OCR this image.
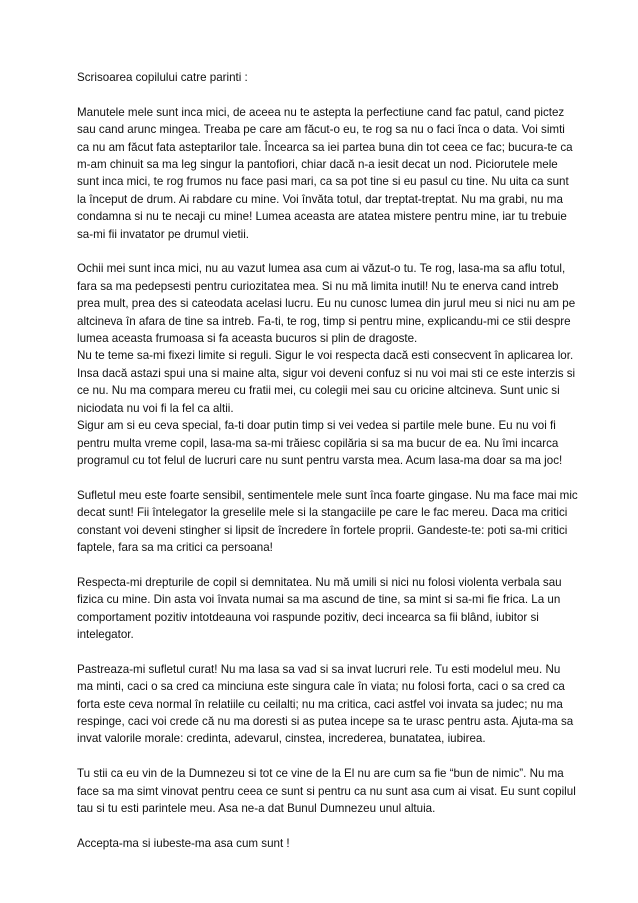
Scrisoarea copilului catre parinti :

Manutele mele sunt inca mici, de aceea nu te astepta la perfectiune cand fac patul, cand pictez sau cand arunc mingea. Treaba pe care am făcut-o eu, te rog sa nu o faci înca o data. Voi simti ca nu am făcut fata asteptarilor tale. Încearca sa iei partea buna din tot ceea ce fac; bucura-te ca m-am chinuit sa ma leg singur la pantofiori, chiar dacă n-a iesit decat un nod. Piciorutele mele sunt inca mici, te rog frumos nu face pasi mari, ca sa pot tine si eu pasul cu tine. Nu uita ca sunt la început de drum. Ai rabdare cu mine. Voi învăta totul, dar treptat-treptat. Nu ma grabi, nu ma condamna si nu te necaji cu mine! Lumea aceasta are atatea mistere pentru mine, iar tu trebuie sa-mi fii invatator pe drumul vietii.

Ochii mei sunt inca mici, nu au vazut lumea asa cum ai văzut-o tu. Te rog, lasa-ma sa aflu totul, fara sa ma pedepsesti pentru curiozitatea mea. Si nu mă limita inutil! Nu te enerva cand intreb prea mult, prea des si cateodata acelasi lucru. Eu nu cunosc lumea din jurul meu si nici nu am pe altcineva în afara de tine sa intreb. Fa-ti, te rog, timp si pentru mine, explicandu-mi ce stii despre lumea aceasta frumoasa si fa aceasta bucuros si plin de dragoste.

Nu te teme sa-mi fixezi limite si reguli. Sigur le voi respecta dacă esti consecvent în aplicarea lor. Insa dacă astazi spui una si maine alta, sigur voi deveni confuz si nu voi mai sti ce este interzis si ce nu. Nu ma compara mereu cu fratii mei, cu colegii mei sau cu oricine altcineva. Sunt unic si niciodata nu voi fi la fel ca altii.

Sigur am si eu ceva special, fa-ti doar putin timp si vei vedea si partile mele bune. Eu nu voi fi pentru multa vreme copil, lasa-ma sa-mi trăiesc copilăria si sa ma bucur de ea. Nu îmi incarca programul cu tot felul de lucruri care nu sunt pentru varsta mea. Acum lasa-ma doar sa ma joc!

Sufletul meu este foarte sensibil, sentimentele mele sunt înca foarte gingase. Nu ma face mai mic decat sunt! Fii întelegator la greselile mele si la stangaciile pe care le fac mereu. Daca ma critici constant voi deveni stingher si lipsit de încredere în fortele proprii. Gandeste-te: poti sa-mi critici faptele, fara sa ma critici ca persoana!

Respecta-mi drepturile de copil si demnitatea. Nu mă umili si nici nu folosi violenta verbala sau fizica cu mine. Din asta voi învata numai sa ma ascund de tine, sa mint si sa-mi fie frica. La un comportament pozitiv intotdeauna voi raspunde pozitiv, deci incearca sa fii blând, iubitor si intelegator.

Pastreaza-mi sufletul curat! Nu ma lasa sa vad si sa invat lucruri rele. Tu esti modelul meu. Nu ma minti, caci o sa cred ca minciuna este singura cale în viata; nu folosi forta, caci o sa cred ca forta este ceva normal în relatiile cu ceilalti; nu ma critica, caci astfel voi invata sa judec; nu ma respinge, caci voi crede că nu ma doresti si as putea incepe sa te urasc pentru asta. Ajuta-ma sa invat valorile morale: credinta, adevarul, cinstea, increderea, bunatatea, iubirea.

Tu stii ca eu vin de la Dumnezeu si tot ce vine de la El nu are cum sa fie “bun de nimic”. Nu ma face sa ma simt vinovat pentru ceea ce sunt si pentru ca nu sunt asa cum ai visat. Eu sunt copilul tau si tu esti parintele meu. Asa ne-a dat Bunul Dumnezeu unul altuia.

Accepta-ma si iubeste-ma asa cum sunt !
